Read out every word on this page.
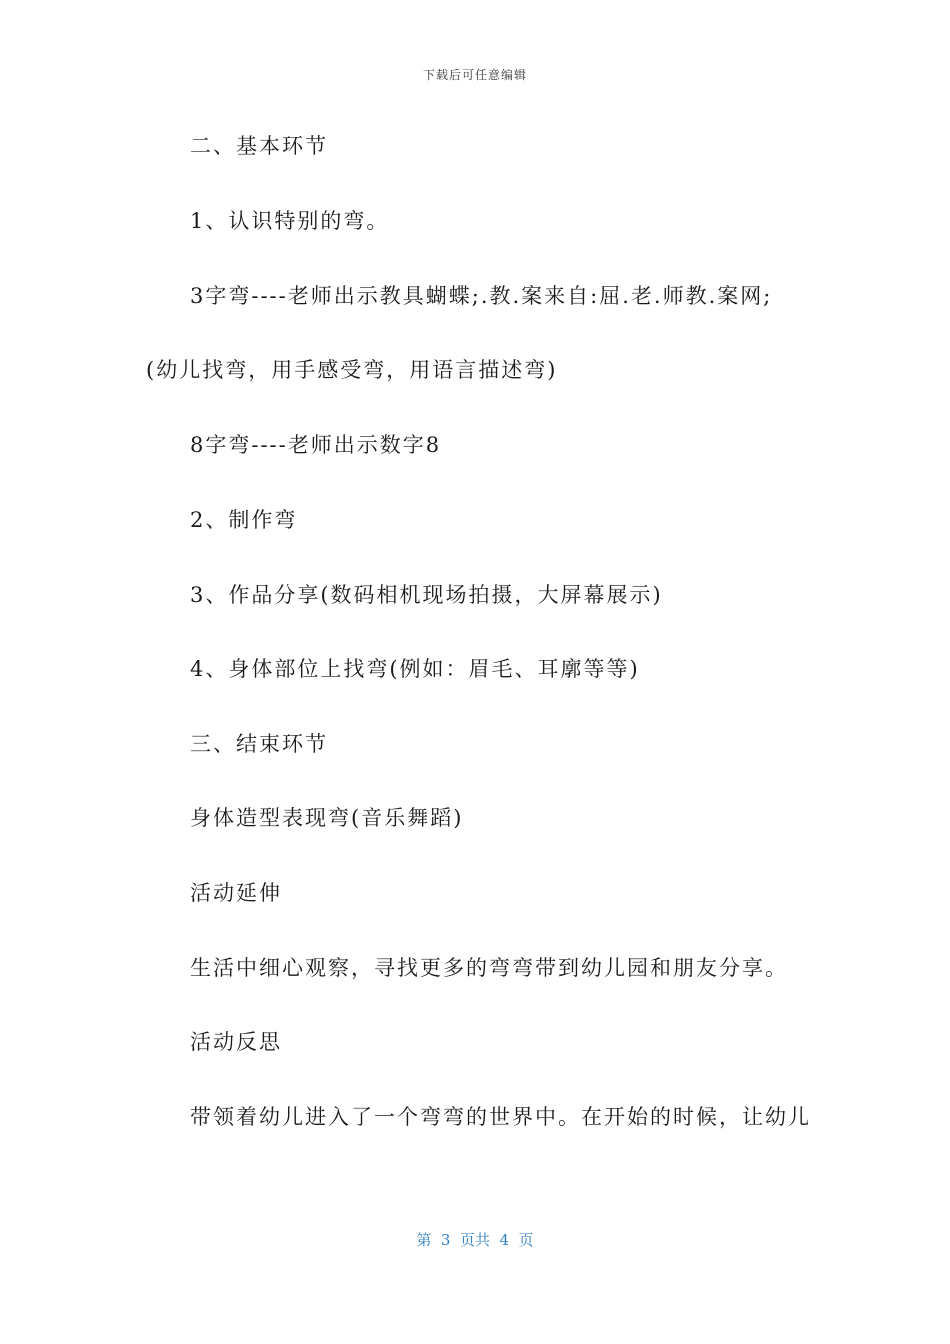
下载后可任意编辑
二、基本环节
1、认识特别的弯。
3字弯----老师出示教具蝴蝶;.教.案来自:屈.老.师教.案网;
(幼儿找弯，用手感受弯，用语言描述弯)
8字弯----老师出示数字8
2、制作弯
3、作品分享(数码相机现场拍摄，大屏幕展示)
4、身体部位上找弯(例如：眉毛、耳廓等等)
三、结束环节
身体造型表现弯(音乐舞蹈)
活动延伸
生活中细心观察，寻找更多的弯弯带到幼儿园和朋友分享。
活动反思
带领着幼儿进入了一个弯弯的世界中。在开始的时候，让幼儿
第  3  页共  4  页
